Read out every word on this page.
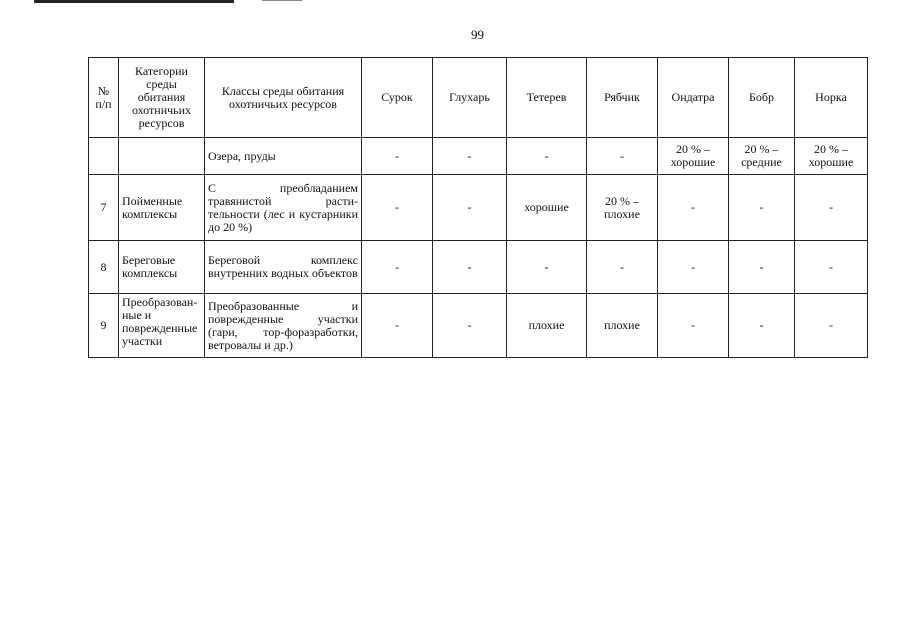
99
№ п/п	Категории среды обитания охотничьих ресурсов	Классы среды обитания охотничьих ресурсов	Сурок	Глухарь	Тетерев	Рябчик	Ондатра	Бобр	Норка
		Озера, пруды	-	-	-	-	20 % – хорошие	20 % – средние	20 % – хорошие
7	Пойменные комплексы	С преобладанием травянистой расти-тельности (лес и кустарники до 20 %)	-	-	хорошие	20 % – плохие	-	-	-
8	Береговые комплексы	Береговой комплекс внутренних водных объектов	-	-	-	-	-	-	-
9	Преобразован-ные и поврежденные участки	Преобразованные и поврежденные участки (гари, тор-форазработки, ветровалы и др.)	-	-	плохие	плохие	-	-	-
